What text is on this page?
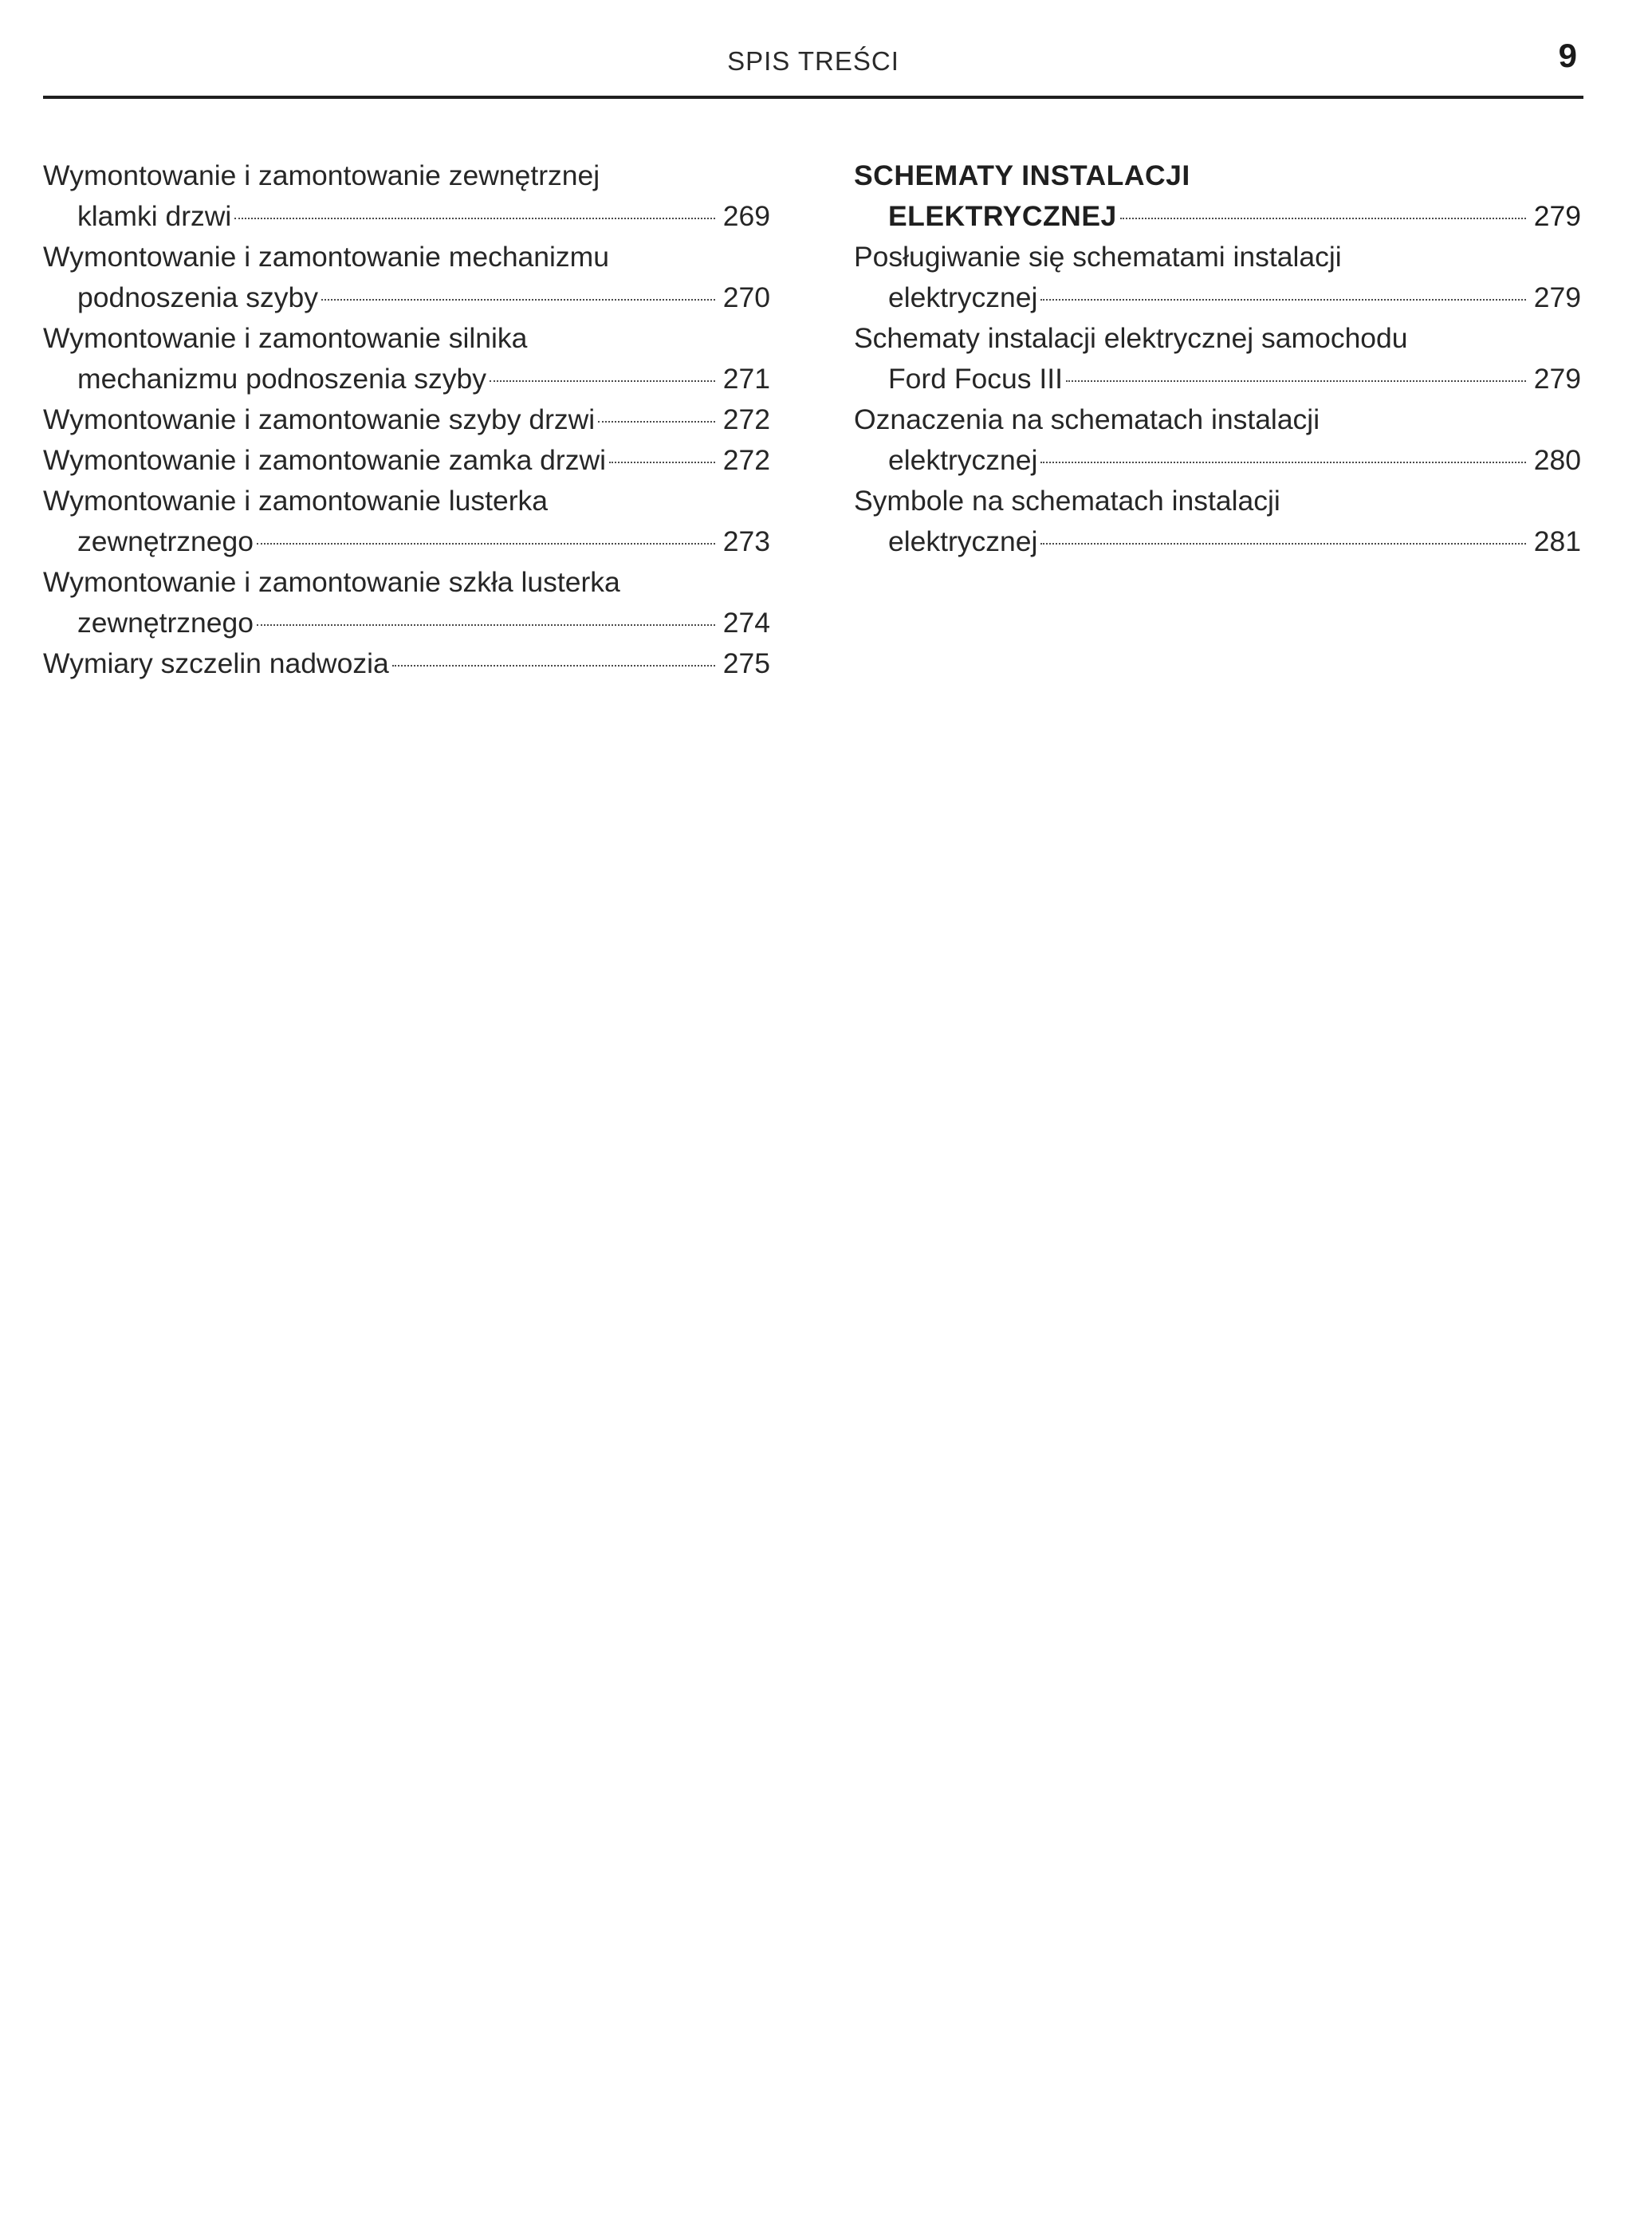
SPIS TREŚCI	9
Wymontowanie i zamontowanie zewnętrznej
klamki drzwi	269
Wymontowanie i zamontowanie mechanizmu
podnoszenia szyby	270
Wymontowanie i zamontowanie silnika
mechanizmu podnoszenia szyby	271
Wymontowanie i zamontowanie szyby drzwi	272
Wymontowanie i zamontowanie zamka drzwi	272
Wymontowanie i zamontowanie lusterka
zewnętrznego	273
Wymontowanie i zamontowanie szkła lusterka
zewnętrznego	274
Wymiary szczelin nadwozia	275
SCHEMATY INSTALACJI
ELEKTRYCZNEJ	279
Posługiwanie się schematami instalacji
elektrycznej	279
Schematy instalacji elektrycznej samochodu
Ford Focus III	279
Oznaczenia na schematach instalacji
elektrycznej	280
Symbole na schematach instalacji
elektrycznej	281
